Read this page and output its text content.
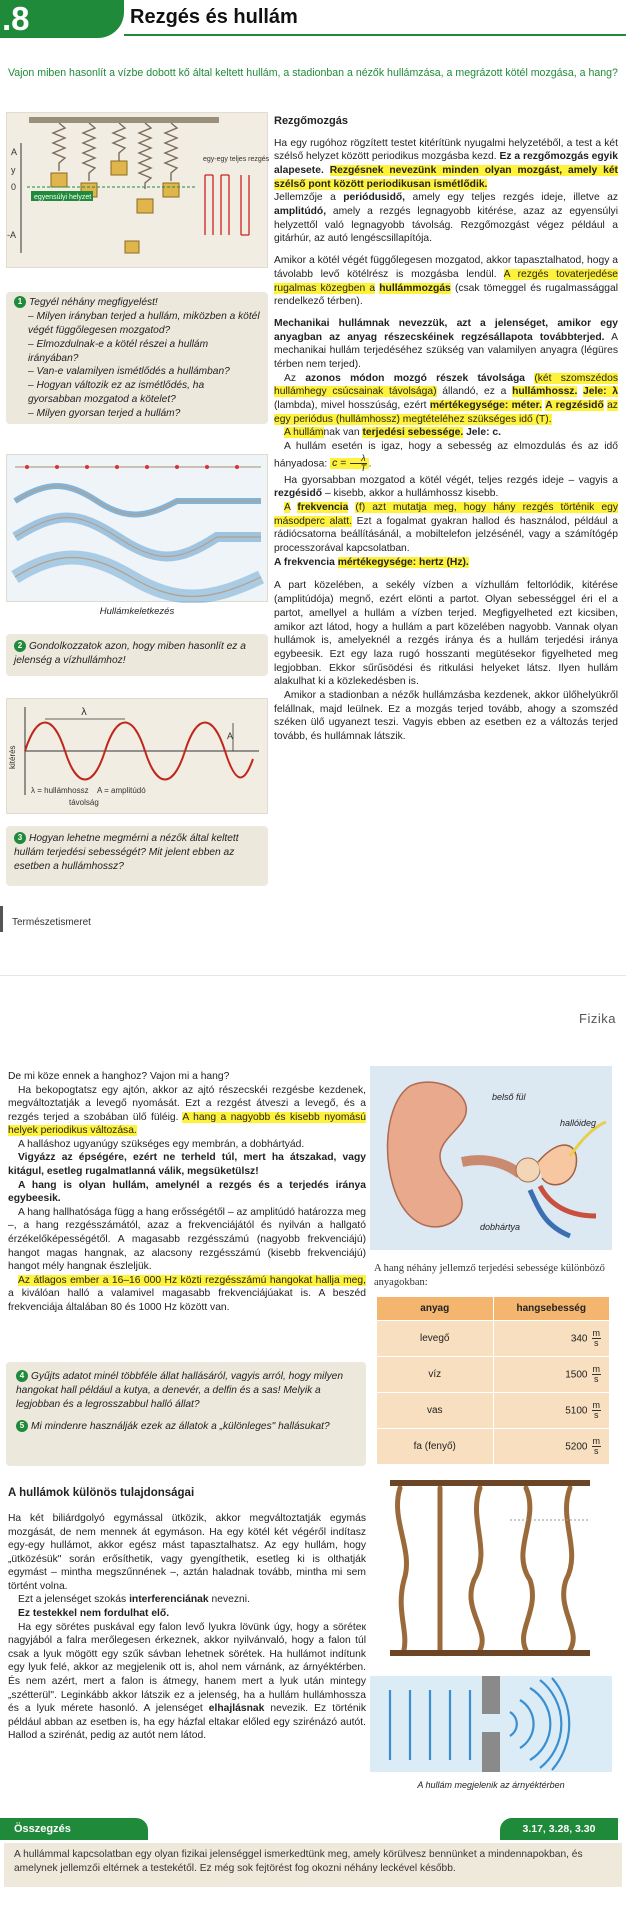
.8	Rezgés és hullám
Vajon miben hasonlít a vízbe dobott kő által keltett hullám, a stadionban a nézők hullámzása, a megrázott kötél mozgása, a hang?
egyensúlyi helyzet
A
y
0
-A
egy-egy teljes rezgés
1 Tegyél néhány megfigyelést!
– Milyen irányban terjed a hullám, miközben a kötél végét függőlegesen mozgatod?
– Elmozdulnak-e a kötél részei a hullám irányában?
– Van-e valamilyen ismétlődés a hullámban?
– Hogyan változik ez az ismétlődés, ha gyorsabban mozgatod a kötelet?
– Milyen gyorsan terjed a hullám?
Hullámkeletkezés
2 Gondolkozzatok azon, hogy miben hasonlít ez a jelenség a vízhullámhoz!
λ
A
kitérés
λ = hullámhossz A = amplitúdó
távolság
3 Hogyan lehetne megmérni a nézők által keltett hullám terjedési sebességét? Mit jelent ebben az esetben a hullámhossz?

Rezgőmozgás

Ha egy rugóhoz rögzített testet kitérítünk nyugalmi helyzetéből, a test a két szélső helyzet között periodikus mozgásba kezd. Ez a rezgőmozgás egyik alapesete. Rezgésnek nevezünk minden olyan mozgást, amely két szélső pont között periodikusan ismétlődik.

Jellemzője a periódusidő, amely egy teljes rezgés ideje, illetve az amplitúdó, amely a rezgés legnagyobb kitérése, azaz az egyensúlyi helyzettől való legnagyobb távolság. Rezgőmozgást végez például a gitárhúr, az autó lengéscsillapítója.

Amikor a kötél végét függőlegesen mozgatod, akkor tapasztalhatod, hogy a távolabb levő kötélrész is mozgásba lendül. A rezgés tovaterjedése rugalmas közegben a hullámmozgás (csak tömeggel és rugalmassággal rendelkező térben).

Mechanikai hullámnak nevezzük, azt a jelenséget, amikor egy anyagban az anyag részecskéinek regzésállapota továbbterjed. A mechanikai hullám terjedéséhez szükség van valamilyen anyagra (légüres térben nem terjed).

Az azonos módon mozgó részek távolsága (két szomszédos hullámhegy csúcsainak távolsága) állandó, ez a hullámhossz. Jele: λ (lambda), mivel hosszúság, ezért mértékegysége: méter. A regzésidő az egy periódus (hullámhossz) megtételéhez szükséges idő (T).

A hullámnak van terjedési sebessége. Jele: c.

A hullám esetén is igaz, hogy a sebesség az elmozdulás és az idő hányadosa: $c = \frac{\lambda}{T}$ .

Ha gyorsabban mozgatod a kötél végét, teljes rezgés ideje – vagyis a rezgésidő – kisebb, akkor a hullámhossz kisebb.

A frekvencia (f) azt mutatja meg, hogy hány rezgés történik egy másodperc alatt. Ezt a fogalmat gyakran hallod és használod, például a rádiócsatorna beállításánál, a mobiltelefon jelzésénél, vagy a számítógép processzorával kapcsolatban.

A frekvencia mértékegysége: hertz (Hz).

A part közelében, a sekély vízben a vízhullám feltorlódik, kitérése (amplitúdója) megnő, ezért elönti a partot. Olyan sebességgel éri el a partot, amellyel a hullám a vízben terjed. Megfigyelheted ezt kicsiben, amikor azt látod, hogy a hullám a part közelében nagyobb. Vannak olyan hullámok is, amelyeknél a rezgés iránya és a hullám terjedési iránya egybeesik. Ezt egy laza rugó hosszanti megütésekor figyelheted meg legjobban. Ekkor sűrűsödési és ritkulási helyeket látsz. Ilyen hullám alakulhat ki a közlekedésben is.

Amikor a stadionban a nézők hullámzásba kezdenek, akkor ülőhelyükről felállnak, majd leülnek. Ez a mozgás terjed tovább, ahogy a szomszéd széken ülő ugyanezt teszi. Vagyis ebben az esetben ez a változás terjed tovább, és hullámnak látszik.

Természetismeret
Fizika

De mi köze ennek a hanghoz? Vajon mi a hang?

Ha bekopogtatsz egy ajtón, akkor az ajtó részecskéi rezgésbe kezdenek, megváltoztatják a levegő nyomását. Ezt a rezgést átveszi a levegő, és a rezgés terjed a szobában ülő füléig. A hang a nagyobb és kisebb nyomású helyek periodikus változása.

A halláshoz ugyanúgy szükséges egy membrán, a dobhártyád.

Vigyázz az épségére, ezért ne terheld túl, mert ha átszakad, vagy kitágul, esetleg rugalmatlanná válik, megsüketülsz!

A hang is olyan hullám, amelynél a rezgés és a terjedés iránya egybeesik.

A hang hallhatósága függ a hang erősségétől – az amplitúdó határozza meg –, a hang rezgésszámától, azaz a frekvenciájától és nyilván a hallgató érzékelőképességétől. A magasabb rezgésszámú (nagyobb frekvenciájú) hangot magas hangnak, az alacsony rezgésszámú (kisebb frekvenciájú) hangot mély hangnak észleljük.

Az átlagos ember a 16–16 000 Hz közti rezgésszámú hangokat hallja meg, a kiválóan halló a valamivel magasabb frekvenciájúakat is. A beszéd frekvenciája általában 80 és 1000 Hz között van.

belső fül
hallóideg
dobhártya
A hang néhány jellemző terjedési sebessége különböző anyagokban:
anyag	hangsebesség
levegő	$340 \frac{m}{s}$

víz	$1500 \frac{m}{s}$

vas	$5100 \frac{m}{s}$

fa (fenyő)	$5200 \frac{m}{s}$
4 Gyűjts adatot minél többféle állat hallásáról, vagyis arról, hogy milyen hangokat hall például a kutya, a denevér, a delfin és a sas! Melyik a legjobban és a legrosszabbul halló állat?
5 Mi mindenre használják ezek az állatok a „különleges" hallásukat?
A hullámok különös tulajdonságai

Ha két biliárdgolyó egymással ütközik, akkor megváltoztatják egymás mozgását, de nem mennek át egymáson. Ha egy kötél két végéről indítasz egy-egy hullámot, akkor egész mást tapasztalhatsz. Az egy hullám, hogy „ütközésük" során erősíthetik, vagy gyengíthetik, esetleg ki is olthatják egymást – mintha megszűnnének –, aztán haladnak tovább, mintha mi sem történt volna.

Ezt a jelenséget szokás interferenciának nevezni.

Ez testekkel nem fordulhat elő.

Ha egy sörétes puskával egy falon levő lyukra lövünk úgy, hogy a söréteк nagyjából a falra merőlegesen érkeznek, akkor nyilvánvaló, hogy a falon túl csak a lyuk mögött egy szűk sávban lehetnek sörétek. Ha hullámot indítunk egy lyuk felé, akkor az megjelenik ott is, ahol nem várnánk, az árnyéktérben. És nem azért, mert a falon is átmegy, hanem mert a lyuk után mintegy „szétterül". Leginkább akkor látszik ez a jelenség, ha a hullám hullámhossza és a lyuk mérete hasonló. A jelenséget elhajlásnak nevezik. Ez történik például abban az esetben is, ha egy házfal eltakar előled egy szirénázó autót. Hallod a szirénát, pedig az autót nem látod.

A hullám megjelenik az árnyéktérben
Összegzés	3.17, 3.28, 3.30
A hullámmal kapcsolatban egy olyan fizikai jelenséggel ismerkedtünk meg, amely körülvesz bennünket a mindennapokban, és amelynek jellemzői eltérnek a testekétől. Ez még sok fejtörést fog okozni néhány leckével később.
